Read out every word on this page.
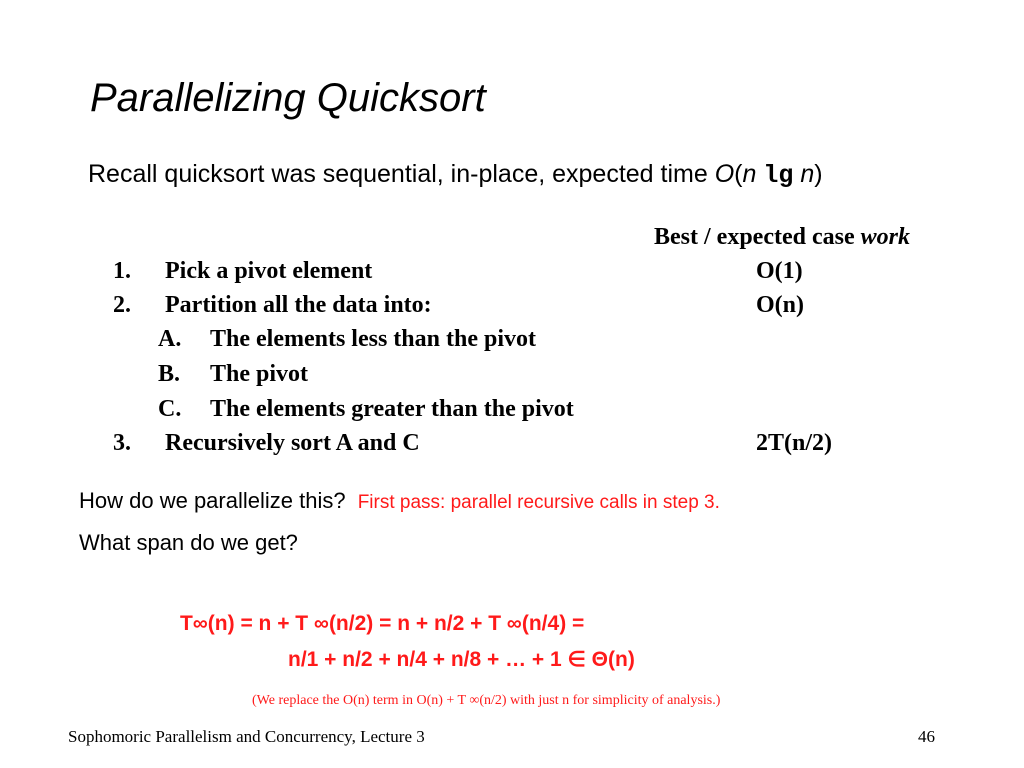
Parallelizing Quicksort
Recall quicksort was sequential, in-place, expected time O(n lg n)
Best / expected case work
1. Pick a pivot element	O(1)
2. Partition all the data into:	O(n)
A. The elements less than the pivot
B. The pivot
C. The elements greater than the pivot
3. Recursively sort A and C	2T(n/2)
How do we parallelize this? First pass: parallel recursive calls in step 3.
What span do we get?
T∞(n) = n + T ∞(n/2) = n + n/2 + T ∞(n/4) =
n/1 + n/2 + n/4 + n/8 + … + 1 ∈ Θ(n)
(We replace the O(n) term in O(n) + T ∞(n/2) with just n for simplicity of analysis.)
Sophomoric Parallelism and Concurrency, Lecture 3	46
